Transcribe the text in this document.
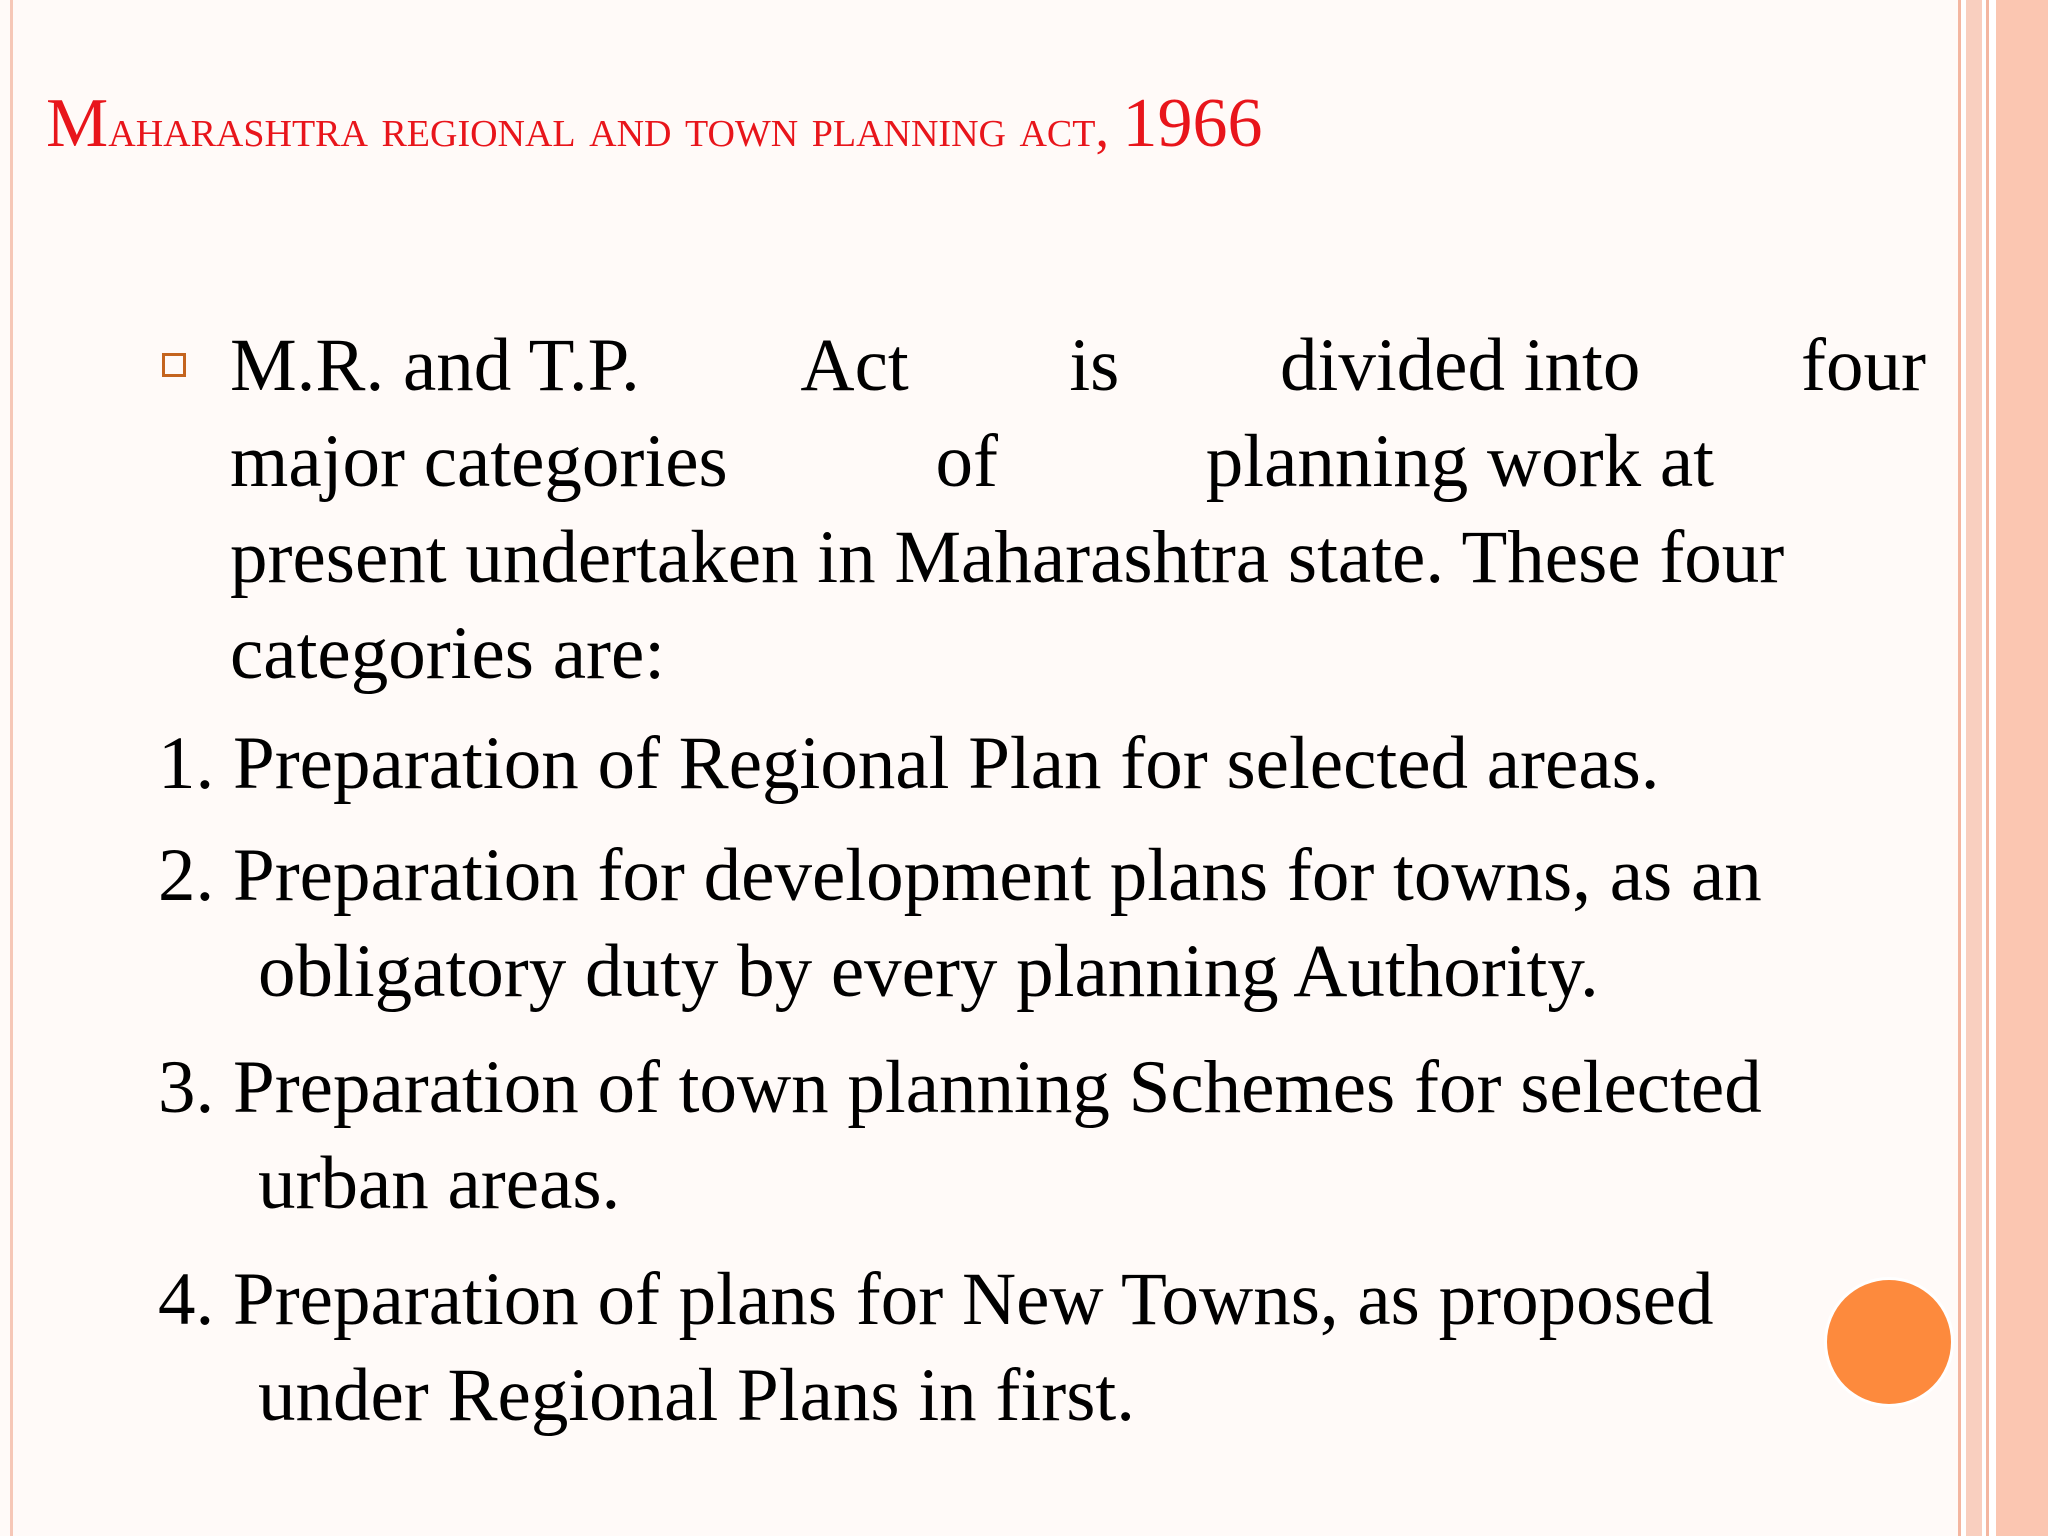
Maharashtra regional and town planning act, 1966
M.R. and T.P. Act is divided into four
major categories	of	planning work at
present undertaken in Maharashtra state. These four
categories are:
1. Preparation of Regional Plan for selected areas.
2. Preparation for development plans for towns, as an
obligatory duty by every planning Authority.
3. Preparation of town planning Schemes for selected
urban areas.
4. Preparation of plans for New Towns, as proposed
under Regional Plans in first.
